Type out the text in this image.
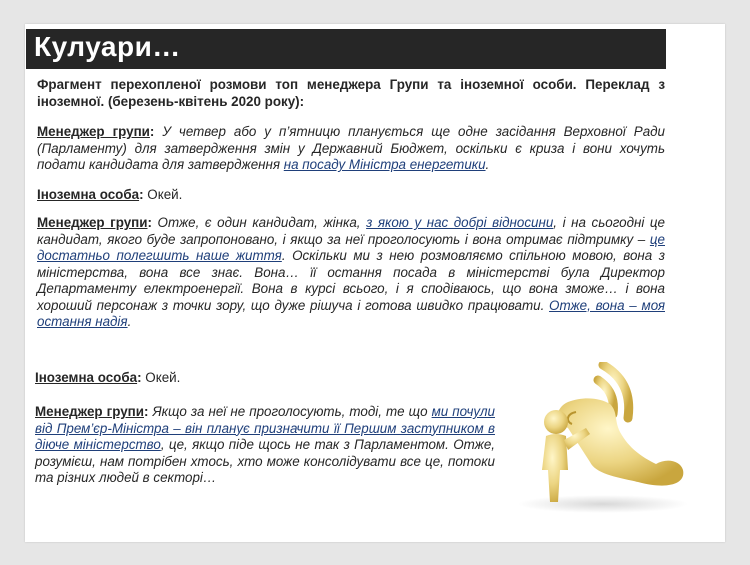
Кулуари…
Фрагмент перехопленої розмови топ менеджера Групи та іноземної особи. Переклад з іноземної. (березень-квітень 2020 року):
Менеджер групи: У четвер або у п’ятницю планується ще одне засідання Верховної Ради (Парламенту) для затвердження змін у Державний Бюджет, оскільки є криза і вони хочуть подати кандидата для затвердження на посаду Міністра енергетики.
Іноземна особа: Окей.
Менеджер групи: Отже, є один кандидат, жінка, з якою у нас добрі відносини, і на сьогодні це кандидат, якого буде запропоновано, і якщо за неї проголосують і вона отримає підтримку – це достатньо полегшить наше життя. Оскільки ми з нею розмовляємо спільною мовою, вона з міністерства, вона все знає. Вона… її остання посада в міністерстві була Директор Департаменту електроенергії. Вона в курсі всього, і я сподіваюсь, що вона зможе… і вона хороший персонаж з точки зору, що дуже рішуча і готова швидко працювати. Отже, вона – моя остання надія.
Іноземна особа: Окей.
Менеджер групи: Якщо за неї не проголосують, тоді, те що ми почули від Прем’єр-Міністра – він планує призначити її Першим заступником в діюче міністерство, це, якщо піде щось не так з Парламентом. Отже, розумієш, нам потрібен хтось, хто може консолідувати все це, потоки та різних людей в секторі…
